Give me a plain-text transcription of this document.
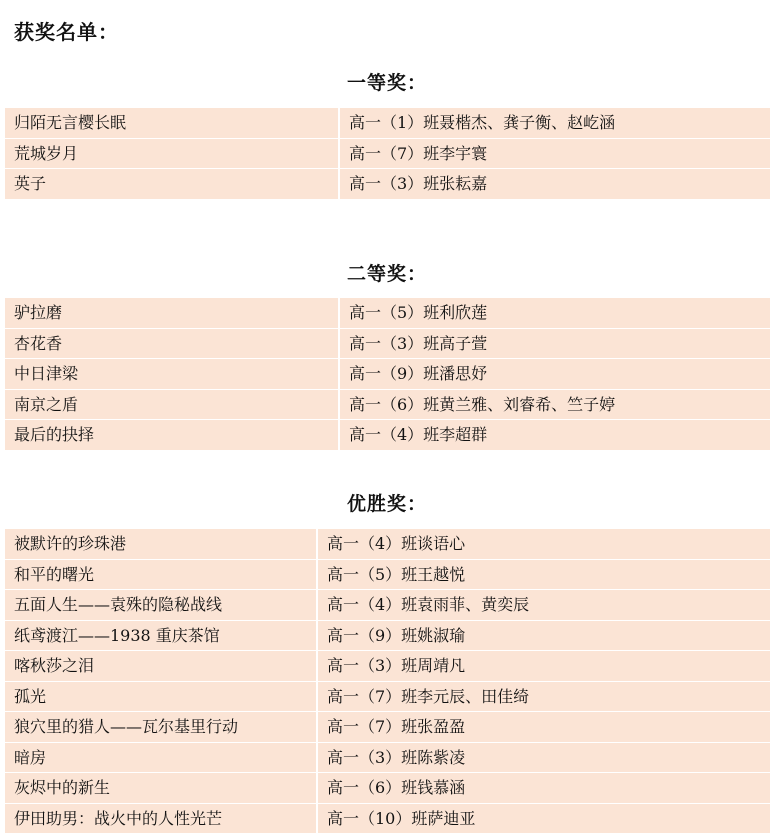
获奖名单：
一等奖：
归陌无言樱长眠	高一（1）班聂楷杰、龚子衡、赵屹涵
荒城岁月	高一（7）班李宇寰
英子	高一（3）班张耘嘉
二等奖：
驴拉磨	高一（5）班利欣莲
杏花香	高一（3）班高子萱
中日津梁	高一（9）班潘思妤
南京之盾	高一（6）班黄兰雅、刘睿希、竺子婷
最后的抉择	高一（4）班李超群
优胜奖：
被默许的珍珠港	高一（4）班谈语心
和平的曙光	高一（5）班王越悦
五面人生——袁殊的隐秘战线	高一（4）班袁雨菲、黄奕辰
纸鸢渡江——1938 重庆茶馆	高一（9）班姚淑瑜
喀秋莎之泪	高一（3）班周靖凡
孤光	高一（7）班李元辰、田佳绮
狼穴里的猎人——瓦尔基里行动	高一（7）班张盈盈
暗房	高一（3）班陈紫凌
灰烬中的新生	高一（6）班钱慕涵
伊田助男：战火中的人性光芒	高一（10）班萨迪亚
